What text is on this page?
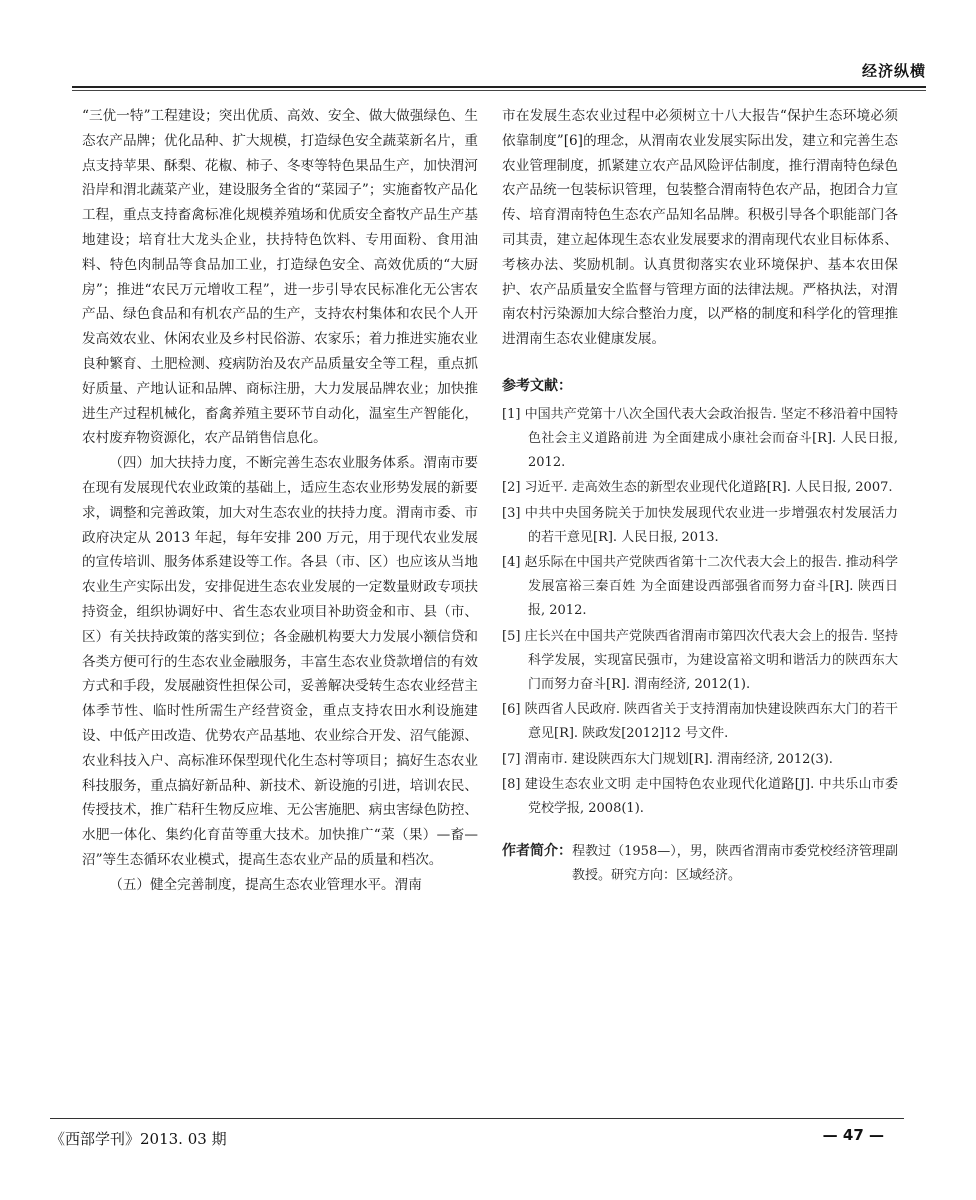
经济纵横

“三优一特”工程建设；突出优质、高效、安全、做大做强绿色、生态农产品牌；优化品种、扩大规模，打造绿色安全蔬菜新名片，重点支持苹果、酥梨、花椒、柿子、冬枣等特色果品生产，加快渭河沿岸和渭北蔬菜产业，建设服务全省的“菜园子”；实施畜牧产品化工程，重点支持畜禽标准化规模养殖场和优质安全畜牧产品生产基地建设；培育壮大龙头企业，扶持特色饮料、专用面粉、食用油料、特色肉制品等食品加工业，打造绿色安全、高效优质的“大厨房”；推进“农民万元增收工程”，进一步引导农民标准化无公害农产品、绿色食品和有机农产品的生产，支持农村集体和农民个人开发高效农业、休闲农业及乡村民俗游、农家乐；着力推进实施农业良种繁育、土肥检测、疫病防治及农产品质量安全等工程，重点抓好质量、产地认证和品牌、商标注册，大力发展品牌农业；加快推进生产过程机械化，畜禽养殖主要环节自动化，温室生产智能化，农村废弃物资源化，农产品销售信息化。

（四）加大扶持力度，不断完善生态农业服务体系。渭南市要在现有发展现代农业政策的基础上，适应生态农业形势发展的新要求，调整和完善政策，加大对生态农业的扶持力度。渭南市委、市政府决定从 2013 年起，每年安排 200 万元，用于现代农业发展的宣传培训、服务体系建设等工作。各县（市、区）也应该从当地农业生产实际出发，安排促进生态农业发展的一定数量财政专项扶持资金，组织协调好中、省生态农业项目补助资金和市、县（市、区）有关扶持政策的落实到位；各金融机构要大力发展小额信贷和各类方便可行的生态农业金融服务，丰富生态农业贷款增信的有效方式和手段，发展融资性担保公司，妥善解决受转生态农业经营主体季节性、临时性所需生产经营资金，重点支持农田水利设施建设、中低产田改造、优势农产品基地、农业综合开发、沼气能源、农业科技入户、高标准环保型现代化生态村等项目；搞好生态农业科技服务，重点搞好新品种、新技术、新设施的引进，培训农民、传授技术，推广秸秆生物反应堆、无公害施肥、病虫害绿色防控、水肥一体化、集约化育苗等重大技术。加快推广“菜（果）—畜—沼”等生态循环农业模式，提高生态农业产品的质量和档次。

（五）健全完善制度，提高生态农业管理水平。渭南

市在发展生态农业过程中必须树立十八大报告“保护生态环境必须依靠制度”[6]的理念，从渭南农业发展实际出发，建立和完善生态农业管理制度，抓紧建立农产品风险评估制度，推行渭南特色绿色农产品统一包装标识管理，包装整合渭南特色农产品，抱团合力宣传、培育渭南特色生态农产品知名品牌。积极引导各个职能部门各司其责，建立起体现生态农业发展要求的渭南现代农业目标体系、考核办法、奖励机制。认真贯彻落实农业环境保护、基本农田保护、农产品质量安全监督与管理方面的法律法规。严格执法，对渭南农村污染源加大综合整治力度，以严格的制度和科学化的管理推进渭南生态农业健康发展。

参考文献：
[1] 中国共产党第十八次全国代表大会政治报告. 坚定不移沿着中国特色社会主义道路前进 为全面建成小康社会而奋斗[R]. 人民日报, 2012.
[2] 习近平. 走高效生态的新型农业现代化道路[R]. 人民日报, 2007.
[3] 中共中央国务院关于加快发展现代农业进一步增强农村发展活力的若干意见[R]. 人民日报, 2013.
[4] 赵乐际在中国共产党陕西省第十二次代表大会上的报告. 推动科学发展富裕三秦百姓 为全面建设西部强省而努力奋斗[R]. 陕西日报, 2012.
[5] 庄长兴在中国共产党陕西省渭南市第四次代表大会上的报告. 坚持科学发展，实现富民强市，为建设富裕文明和谐活力的陕西东大门而努力奋斗[R]. 渭南经济, 2012(1).
[6] 陕西省人民政府. 陕西省关于支持渭南加快建设陕西东大门的若干意见[R]. 陕政发[2012]12 号文件.
[7] 渭南市. 建设陕西东大门规划[R]. 渭南经济, 2012(3).
[8] 建设生态农业文明 走中国特色农业现代化道路[J]. 中共乐山市委党校学报, 2008(1).
作者简介：程教过（1958—），男，陕西省渭南市委党校经济管理副教授。研究方向：区域经济。
《西部学刊》2013. 03 期	— 47 —
